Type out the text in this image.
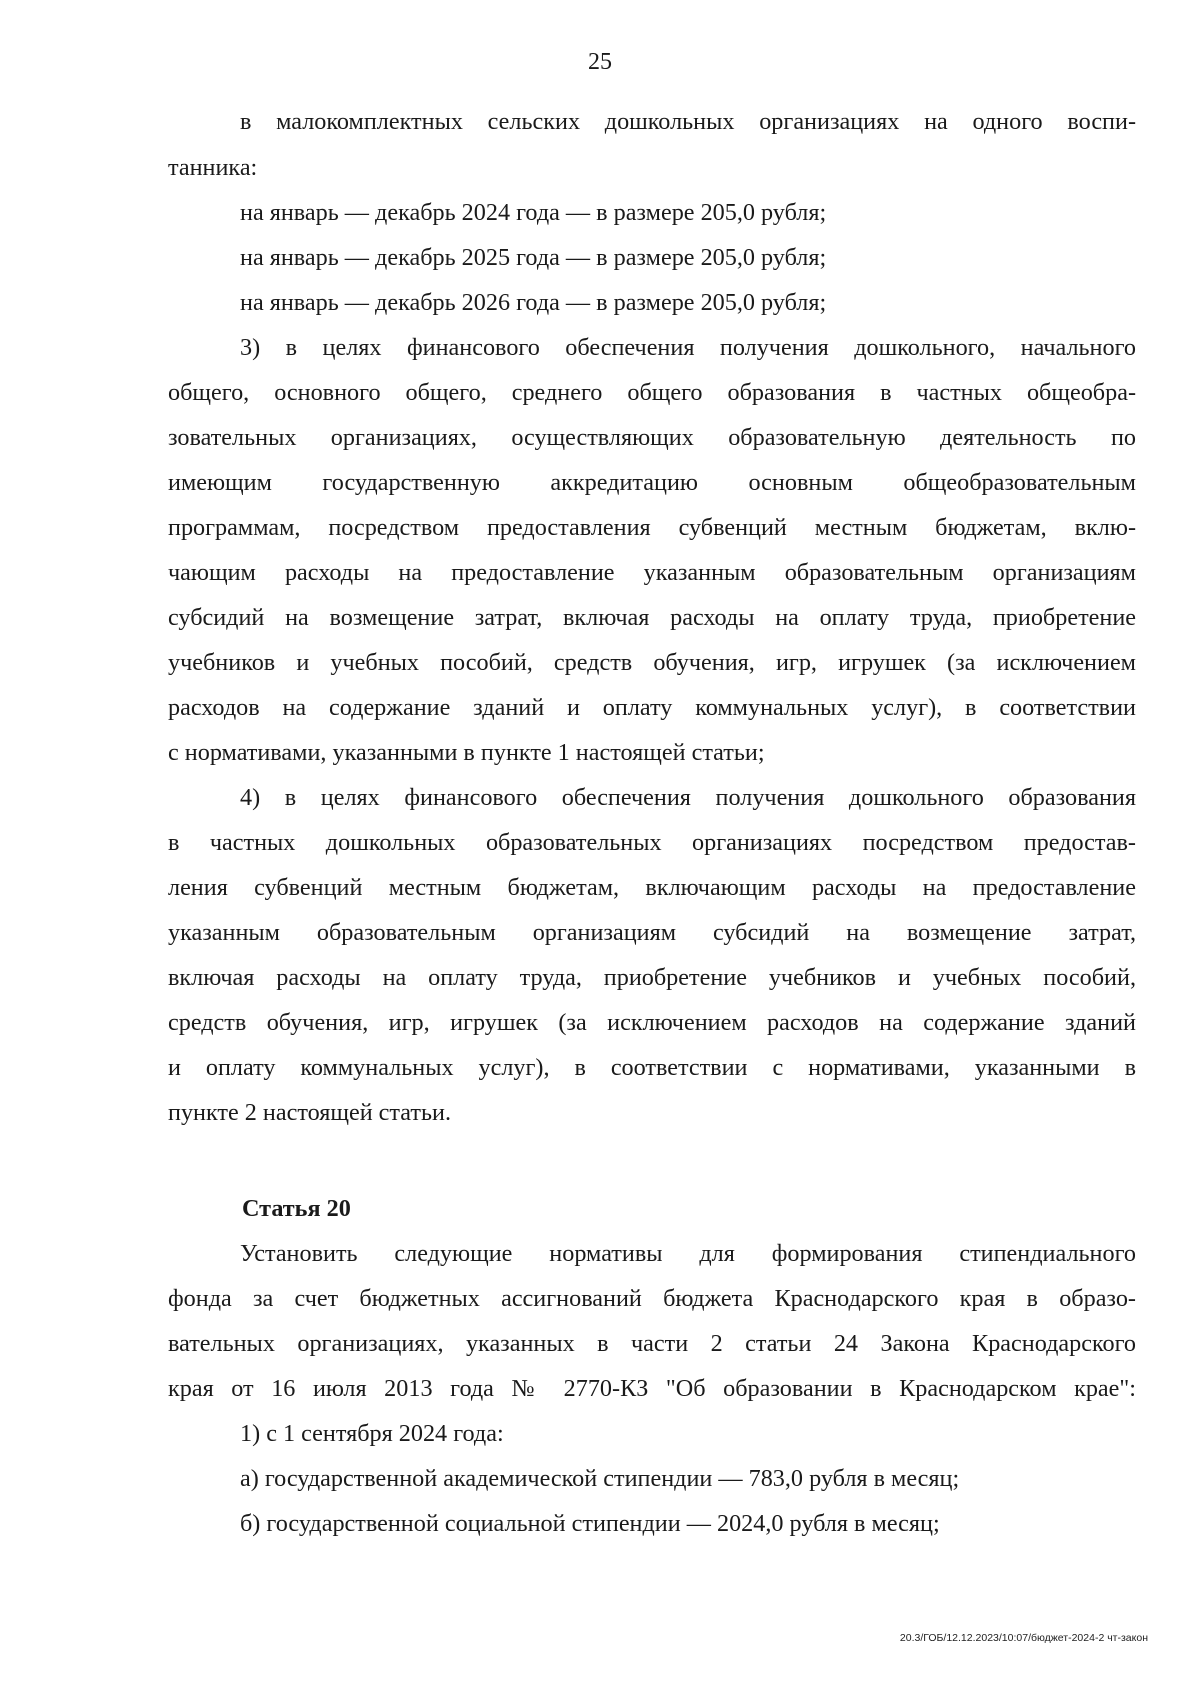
25
в малокомплектных сельских дошкольных организациях на одного воспи-
танника:
на январь — декабрь 2024 года — в размере 205,0 рубля;
на январь — декабрь 2025 года — в размере 205,0 рубля;
на январь — декабрь 2026 года — в размере 205,0 рубля;
3) в целях финансового обеспечения получения дошкольного, начального
общего, основного общего, среднего общего образования в частных общеобра-
зовательных организациях, осуществляющих образовательную деятельность по
имеющим государственную аккредитацию основным общеобразовательным
программам, посредством предоставления субвенций местным бюджетам, вклю-
чающим расходы на предоставление указанным образовательным организациям
субсидий на возмещение затрат, включая расходы на оплату труда, приобретение
учебников и учебных пособий, средств обучения, игр, игрушек (за исключением
расходов на содержание зданий и оплату коммунальных услуг), в соответствии
с нормативами, указанными в пункте 1 настоящей статьи;
4) в целях финансового обеспечения получения дошкольного образования
в частных дошкольных образовательных организациях посредством предостав-
ления субвенций местным бюджетам, включающим расходы на предоставление
указанным образовательным организациям субсидий на возмещение затрат,
включая расходы на оплату труда, приобретение учебников и учебных пособий,
средств обучения, игр, игрушек (за исключением расходов на содержание зданий
и оплату коммунальных услуг), в соответствии с нормативами, указанными в
пункте 2 настоящей статьи.
Статья 20
Установить следующие нормативы для формирования стипендиального
фонда за счет бюджетных ассигнований бюджета Краснодарского края в образо-
вательных организациях, указанных в части 2 статьи 24 Закона Краснодарского
края от 16 июля 2013 года № 2770-КЗ "Об образовании в Краснодарском крае":
1) с 1 сентября 2024 года:
а) государственной академической стипендии — 783,0 рубля в месяц;
б) государственной социальной стипендии — 2024,0 рубля в месяц;
20.3/ГОБ/12.12.2023/10:07/бюджет-2024-2 чт-закон
